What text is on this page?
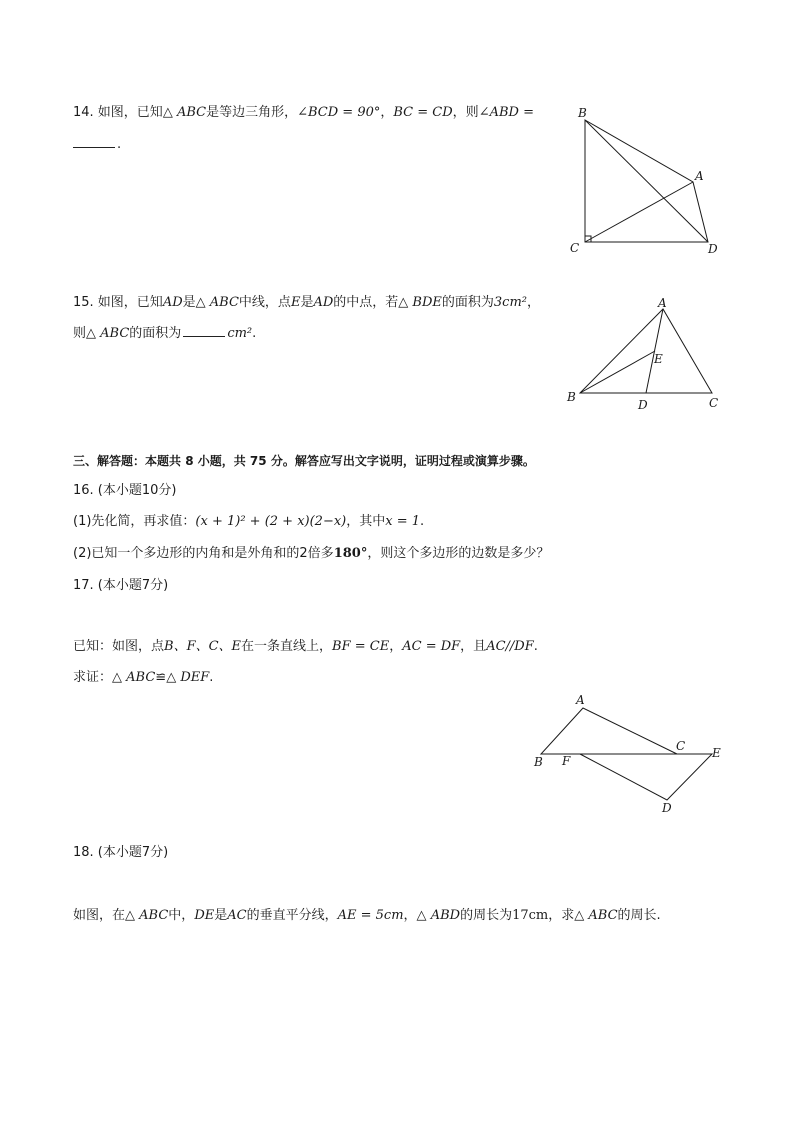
14. 如图，已知△ ABC是等边三角形，∠BCD = 90°，BC = CD，则∠ABD =
.
B
A
C	D
15. 如图，已知AD是△ ABC中线，点E是AD的中点，若△ BDE的面积为3cm²，
则△ ABC的面积为	cm².
A
E
B
D	C
三、解答题：本题共 8 小题，共 75 分。解答应写出文字说明，证明过程或演算步骤。
16. (本小题10分)
(1)先化简，再求值：(x + 1)² + (2 + x)(2−x)，其中x = 1.
(2)已知一个多边形的内角和是外角和的2倍多180°，则这个多边形的边数是多少？
17. (本小题7分)
已知：如图，点B、F、C、E在一条直线上，BF = CE，AC = DF，且AC//DF.
求证：△ ABC≌△ DEF.
A
C E
B F
D
18. (本小题7分)
如图，在△ ABC中，DE是AC的垂直平分线，AE = 5cm，△ ABD的周长为17cm，求△ ABC的周长.
